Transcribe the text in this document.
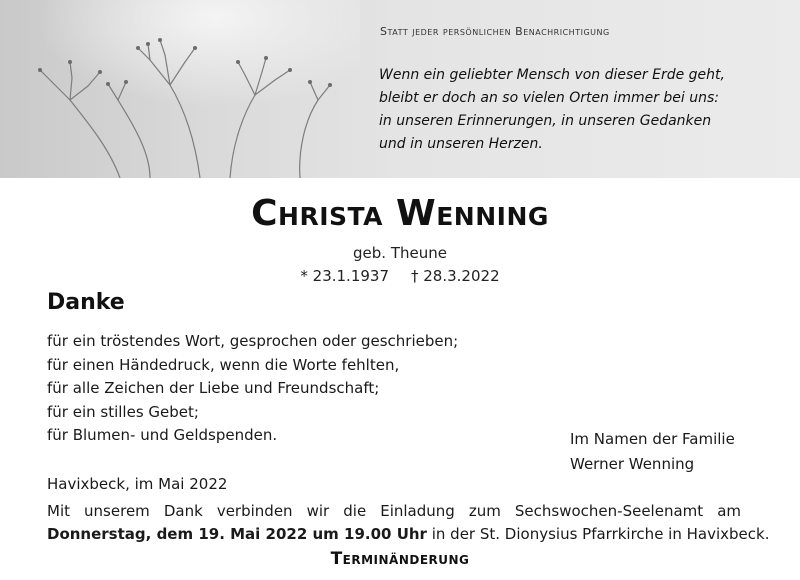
Statt jeder persönlichen Benachrichtigung
Wenn ein geliebter Mensch von dieser Erde geht,
bleibt er doch an so vielen Orten immer bei uns:
in unseren Erinnerungen, in unseren Gedanken
und in unseren Herzen.
Christa Wenning
geb. Theune
* 23.1.1937 † 28.3.2022
Danke
für ein tröstendes Wort, gesprochen oder geschrieben;
für einen Händedruck, wenn die Worte fehlten,
für alle Zeichen der Liebe und Freundschaft;
für ein stilles Gebet;
für Blumen- und Geldspenden.	Im Namen der Familie
Werner Wenning
Havixbeck, im Mai 2022
Mit unserem Dank verbinden wir die Einladung zum Sechswochen-Seelenamt am
Donnerstag, dem 19. Mai 2022 um 19.00 Uhr in der St. Dionysius Pfarrkirche in Havixbeck.
Terminänderung
